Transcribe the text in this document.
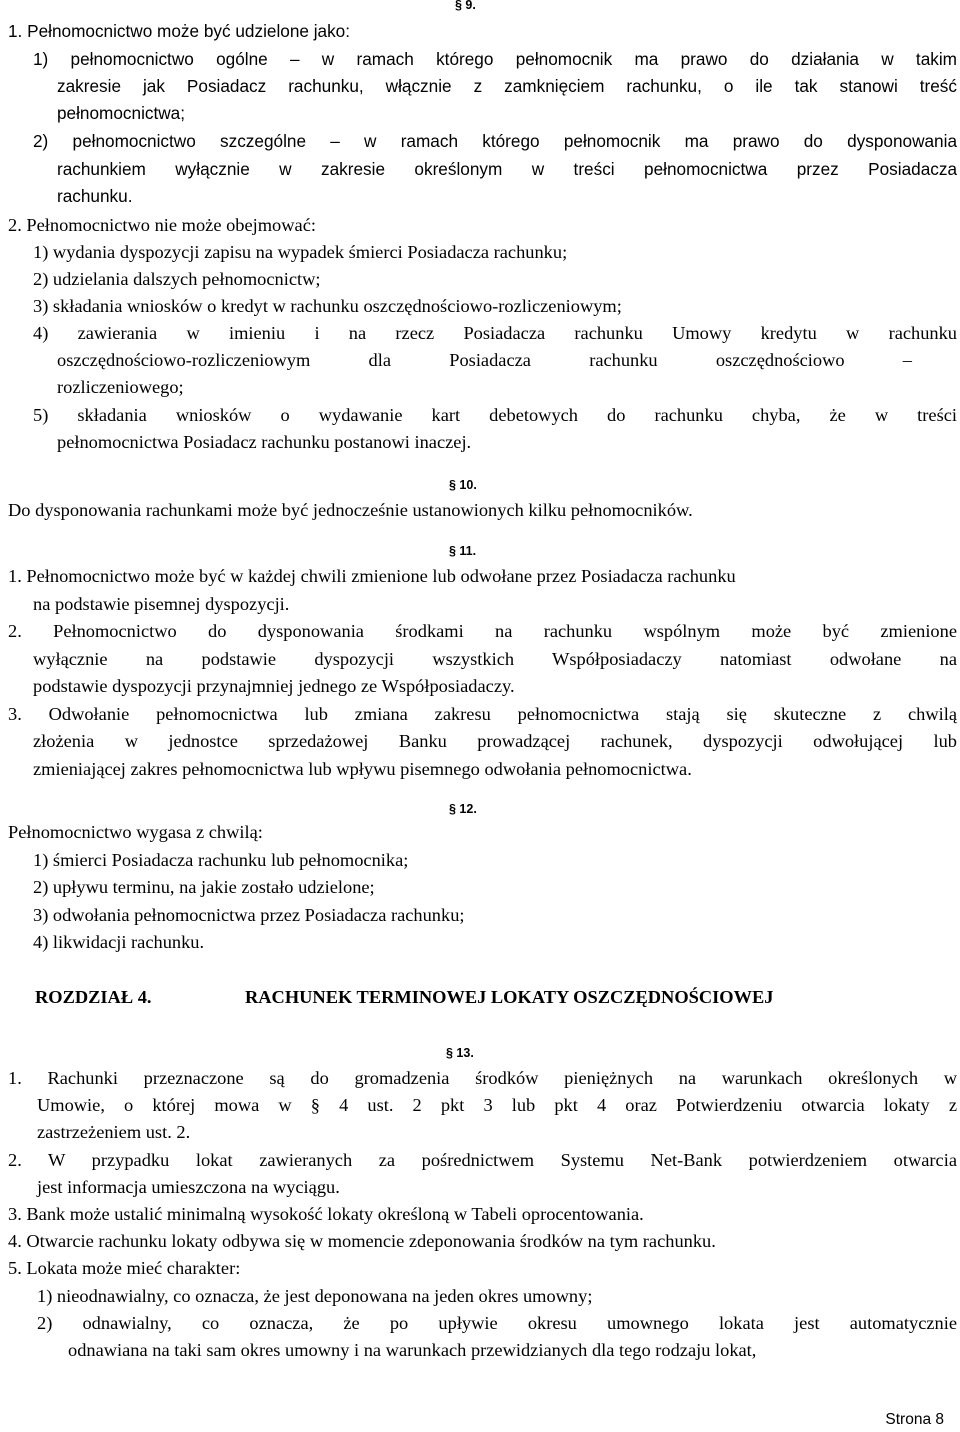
§ 9.
1. Pełnomocnictwo może być udzielone jako:
1) pełnomocnictwo ogólne – w ramach którego pełnomocnik ma prawo do działania w takim
zakresie jak Posiadacz rachunku, włącznie z zamknięciem rachunku, o ile tak stanowi treść
pełnomocnictwa;
2) pełnomocnictwo szczególne – w ramach którego pełnomocnik ma prawo do dysponowania
rachunkiem wyłącznie w zakresie określonym w treści pełnomocnictwa przez Posiadacza
rachunku.
2. Pełnomocnictwo nie może obejmować:
1) wydania dyspozycji zapisu na wypadek śmierci Posiadacza rachunku;
2) udzielania dalszych pełnomocnictw;
3) składania wniosków o kredyt w rachunku oszczędnościowo-rozliczeniowym;
4) zawierania w imieniu i na rzecz Posiadacza rachunku Umowy kredytu w rachunku
oszczędnościowo-rozliczeniowym dla Posiadacza rachunku oszczędnościowo –
rozliczeniowego;
5) składania wniosków o wydawanie kart debetowych do rachunku chyba, że w treści
pełnomocnictwa Posiadacz rachunku postanowi inaczej.
§ 10.
Do dysponowania rachunkami może być jednocześnie ustanowionych kilku pełnomocników.
§ 11.
1. Pełnomocnictwo może być w każdej chwili zmienione lub odwołane przez Posiadacza rachunku
na podstawie pisemnej dyspozycji.
2. Pełnomocnictwo do dysponowania środkami na rachunku wspólnym może być zmienione
wyłącznie na podstawie dyspozycji wszystkich Współposiadaczy natomiast odwołane na
podstawie dyspozycji przynajmniej jednego ze Współposiadaczy.
3. Odwołanie pełnomocnictwa lub zmiana zakresu pełnomocnictwa stają się skuteczne z chwilą
złożenia w jednostce sprzedażowej Banku prowadzącej rachunek, dyspozycji odwołującej lub
zmieniającej zakres pełnomocnictwa lub wpływu pisemnego odwołania pełnomocnictwa.
§ 12.
Pełnomocnictwo wygasa z chwilą:
1) śmierci Posiadacza rachunku lub pełnomocnika;
2) upływu terminu, na jakie zostało udzielone;
3) odwołania pełnomocnictwa przez Posiadacza rachunku;
4) likwidacji rachunku.
ROZDZIAŁ 4.	RACHUNEK TERMINOWEJ LOKATY OSZCZĘDNOŚCIOWEJ
§ 13.
1. Rachunki przeznaczone są do gromadzenia środków pieniężnych na warunkach określonych w
Umowie, o której mowa w § 4 ust. 2 pkt 3 lub pkt 4 oraz Potwierdzeniu otwarcia lokaty z
zastrzeżeniem ust. 2.
2. W przypadku lokat zawieranych za pośrednictwem Systemu Net-Bank potwierdzeniem otwarcia
jest informacja umieszczona na wyciągu.
3. Bank może ustalić minimalną wysokość lokaty określoną w Tabeli oprocentowania.
4. Otwarcie rachunku lokaty odbywa się w momencie zdeponowania środków na tym rachunku.
5. Lokata może mieć charakter:
1) nieodnawialny, co oznacza, że jest deponowana na jeden okres umowny;
2) odnawialny, co oznacza, że po upływie okresu umownego lokata jest automatycznie
odnawiana na taki sam okres umowny i na warunkach przewidzianych dla tego rodzaju lokat,
Strona 8
